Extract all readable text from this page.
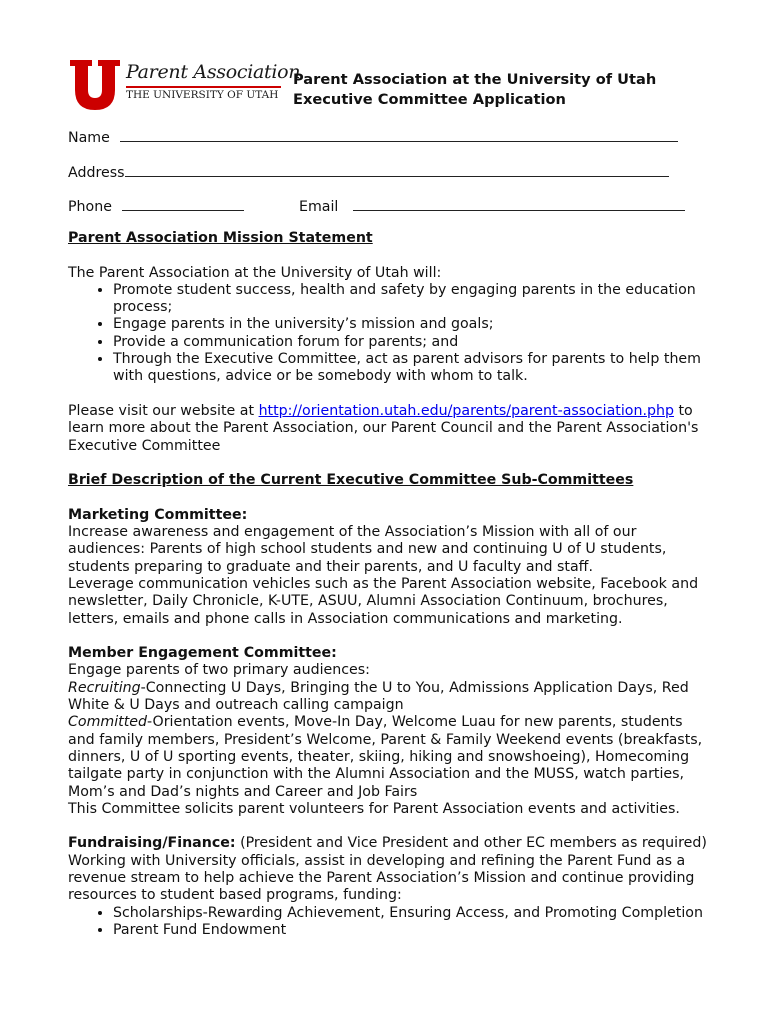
Parent Association
THE UNIVERSITY OF UTAH
Parent Association at the University of Utah
Executive Committee Application
Name
Address
Phone	Email

Parent Association Mission Statement

The Parent Association at the University of Utah will:

• Promote student success, health and safety by engaging parents in the education process;
• Engage parents in the university’s mission and goals;
• Provide a communication forum for parents; and
• Through the Executive Committee, act as parent advisors for parents to help them with questions, advice or be somebody with whom to talk.

Please visit our website at http://orientation.utah.edu/parents/parent-association.php to learn more about the Parent Association, our Parent Council and the Parent Association's Executive Committee

Brief Description of the Current Executive Committee Sub-Committees

Marketing Committee:

Increase awareness and engagement of the Association’s Mission with all of our audiences: Parents of high school students and new and continuing U of U students, students preparing to graduate and their parents, and U faculty and staff.

Leverage communication vehicles such as the Parent Association website, Facebook and newsletter, Daily Chronicle, K-UTE, ASUU, Alumni Association Continuum, brochures, letters, emails and phone calls in Association communications and marketing.

Member Engagement Committee:

Engage parents of two primary audiences:

Recruiting-Connecting U Days, Bringing the U to You, Admissions Application Days, Red White & U Days and outreach calling campaign

Committed-Orientation events, Move-In Day, Welcome Luau for new parents, students and family members, President’s Welcome, Parent & Family Weekend events (breakfasts, dinners, U of U sporting events, theater, skiing, hiking and snowshoeing), Homecoming tailgate party in conjunction with the Alumni Association and the MUSS, watch parties, Mom’s and Dad’s nights and Career and Job Fairs

This Committee solicits parent volunteers for Parent Association events and activities.

Fundraising/Finance: (President and Vice President and other EC members as required)

Working with University officials, assist in developing and refining the Parent Fund as a revenue stream to help achieve the Parent Association’s Mission and continue providing resources to student based programs, funding:

• Scholarships-Rewarding Achievement, Ensuring Access, and Promoting Completion
• Parent Fund Endowment
